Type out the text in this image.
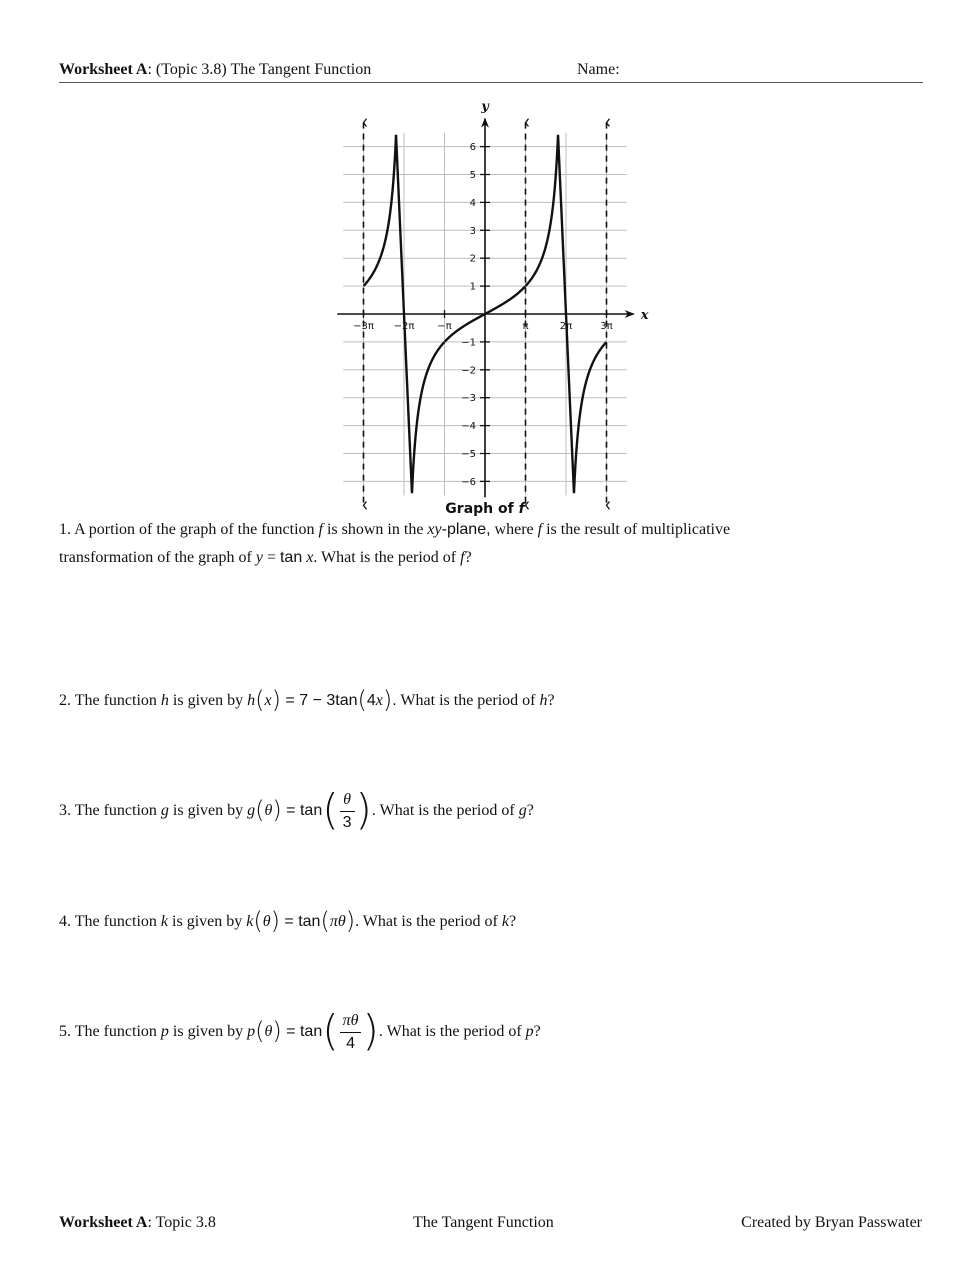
Worksheet A: (Topic 3.8) The Tangent Function	Name:
x
y
6
5
4
3
2
1
−1
−2
−3
−4
−5
−6
−3π −2π −π	π	2π	3π
Graph of f
1. A portion of the graph of the function f is shown in the xy-plane, where f is the result of multiplicative
transformation of the graph of y = tan x. What is the period of f?
2. The function h is given by h(x) = 7 − 3tan(4x). What is the period of h?
3. The function g is given by $g(\theta) = \tan( \frac{\theta}{3}$ ). What is the period of g?
4. The function k is given by k(θ) = tan(πθ). What is the period of k?
5. The function p is given by $p(\theta) = \tan( \frac{\pi\theta}{4}$ ). What is the period of p?
Worksheet A: Topic 3.8	The Tangent Function	Created by Bryan Passwater
